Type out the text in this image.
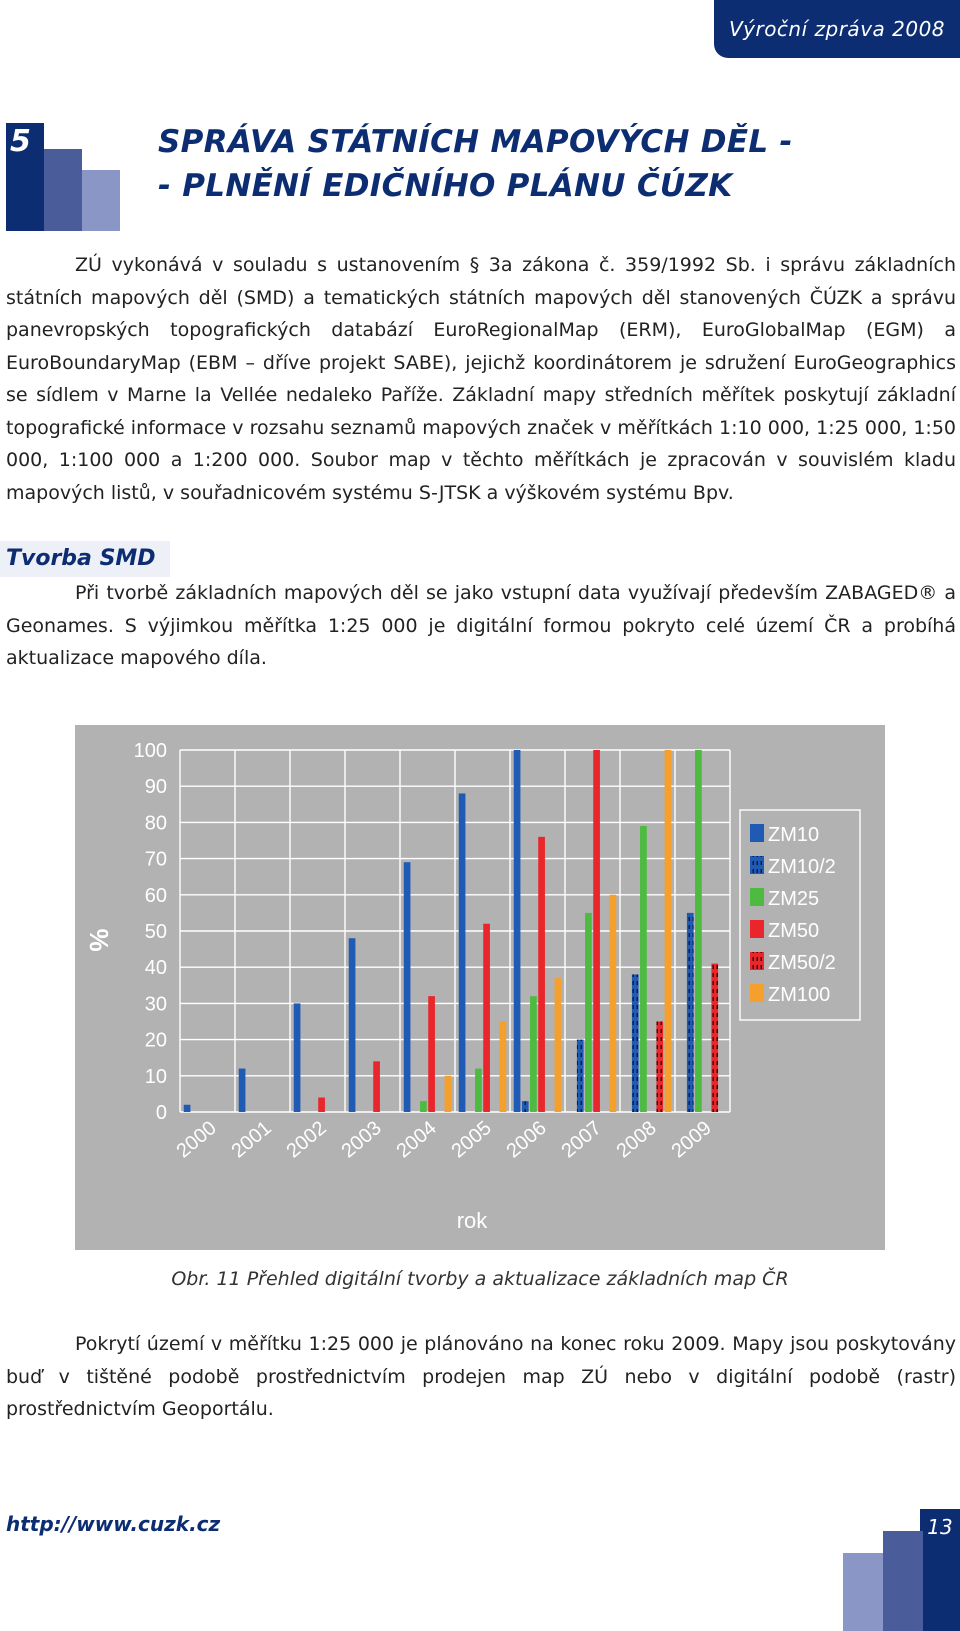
Výroční zpráva 2008
5	SPRÁVA STÁTNÍCH MAPOVÝCH DĚL -
- PLNĚNÍ EDIČNÍHO PLÁNU ČÚZK

ZÚ vykonává v souladu s ustanovením § 3a zákona č. 359/1992 Sb. i správu základních státních mapových děl (SMD) a tematických státních mapových děl stanovených ČÚZK a správu panevropských topografických databází EuroRegionalMap (ERM), EuroGlobalMap (EGM) a EuroBoundaryMap (EBM – dříve projekt SABE), jejichž koordinátorem je sdružení EuroGeographics se sídlem v Marne la Vellée nedaleko Paříže. Základní mapy středních měřítek poskytují základní topografické informace v rozsahu seznamů mapových značek v měřítkách 1:10 000, 1:25 000, 1:50 000, 1:100 000 a 1:200 000. Soubor map v těchto měřítkách je zpracován v souvislém kladu mapových listů, v souřadnicovém systému S-JTSK a výškovém systému Bpv.

Tvorba SMD

Při tvorbě základních mapových děl se jako vstupní data využívají především ZABAGED® a Geonames. S výjimkou měřítka 1:25 000 je digitální formou pokryto celé území ČR a probíhá aktualizace mapového díla.

0
10
20
30
40
50
60
70
80
90
100
2000 2001 2002 2003 2004 2005 2006 2007 2008 2009
%
rok
ZM10
ZM10/2
ZM25
ZM50
ZM50/2
ZM100

Obr. 11 Přehled digitální tvorby a aktualizace základních map ČR

Pokrytí území v měřítku 1:25 000 je plánováno na konec roku 2009. Mapy jsou poskytovány buď v tištěné podobě prostřednictvím prodejen map ZÚ nebo v digitální podobě (rastr) prostřednictvím Geoportálu.

http://www.cuzk.cz	13
